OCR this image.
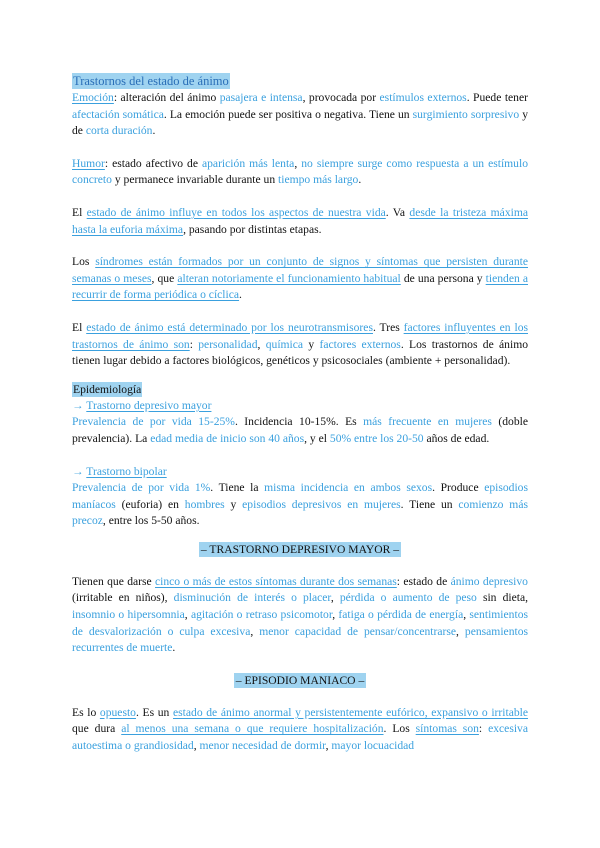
Trastornos del estado de ánimo

Emoción: alteración del ánimo pasajera e intensa, provocada por estímulos externos. Puede tener afectación somática. La emoción puede ser positiva o negativa. Tiene un surgimiento sorpresivo y de corta duración.

Humor: estado afectivo de aparición más lenta, no siempre surge como respuesta a un estímulo concreto y permanece invariable durante un tiempo más largo.

El estado de ánimo influye en todos los aspectos de nuestra vida. Va desde la tristeza máxima hasta la euforia máxima, pasando por distintas etapas.

Los síndromes están formados por un conjunto de signos y síntomas que persisten durante semanas o meses, que alteran notoriamente el funcionamiento habitual de una persona y tienden a recurrir de forma periódica o cíclica.

El estado de ánimo está determinado por los neurotransmisores. Tres factores influyentes en los trastornos de ánimo son: personalidad, química y factores externos. Los trastornos de ánimo tienen lugar debido a factores biológicos, genéticos y psicosociales (ambiente + personalidad).

Epidemiología

→ Trastorno depresivo mayor

Prevalencia de por vida 15-25%. Incidencia 10-15%. Es más frecuente en mujeres (doble prevalencia). La edad media de inicio son 40 años, y el 50% entre los 20-50 años de edad.

→ Trastorno bipolar

Prevalencia de por vida 1%. Tiene la misma incidencia en ambos sexos. Produce episodios maníacos (euforia) en hombres y episodios depresivos en mujeres. Tiene un comienzo más precoz, entre los 5-50 años.

– TRASTORNO DEPRESIVO MAYOR –

Tienen que darse cinco o más de estos síntomas durante dos semanas: estado de ánimo depresivo (irritable en niños), disminución de interés o placer, pérdida o aumento de peso sin dieta, insomnio o hipersomnia, agitación o retraso psicomotor, fatiga o pérdida de energía, sentimientos de desvalorización o culpa excesiva, menor capacidad de pensar/concentrarse, pensamientos recurrentes de muerte.

– EPISODIO MANIACO –

Es lo opuesto. Es un estado de ánimo anormal y persistentemente eufórico, expansivo o irritable que dura al menos una semana o que requiere hospitalización. Los síntomas son: excesiva autoestima o grandiosidad, menor necesidad de dormir, mayor locuacidad
